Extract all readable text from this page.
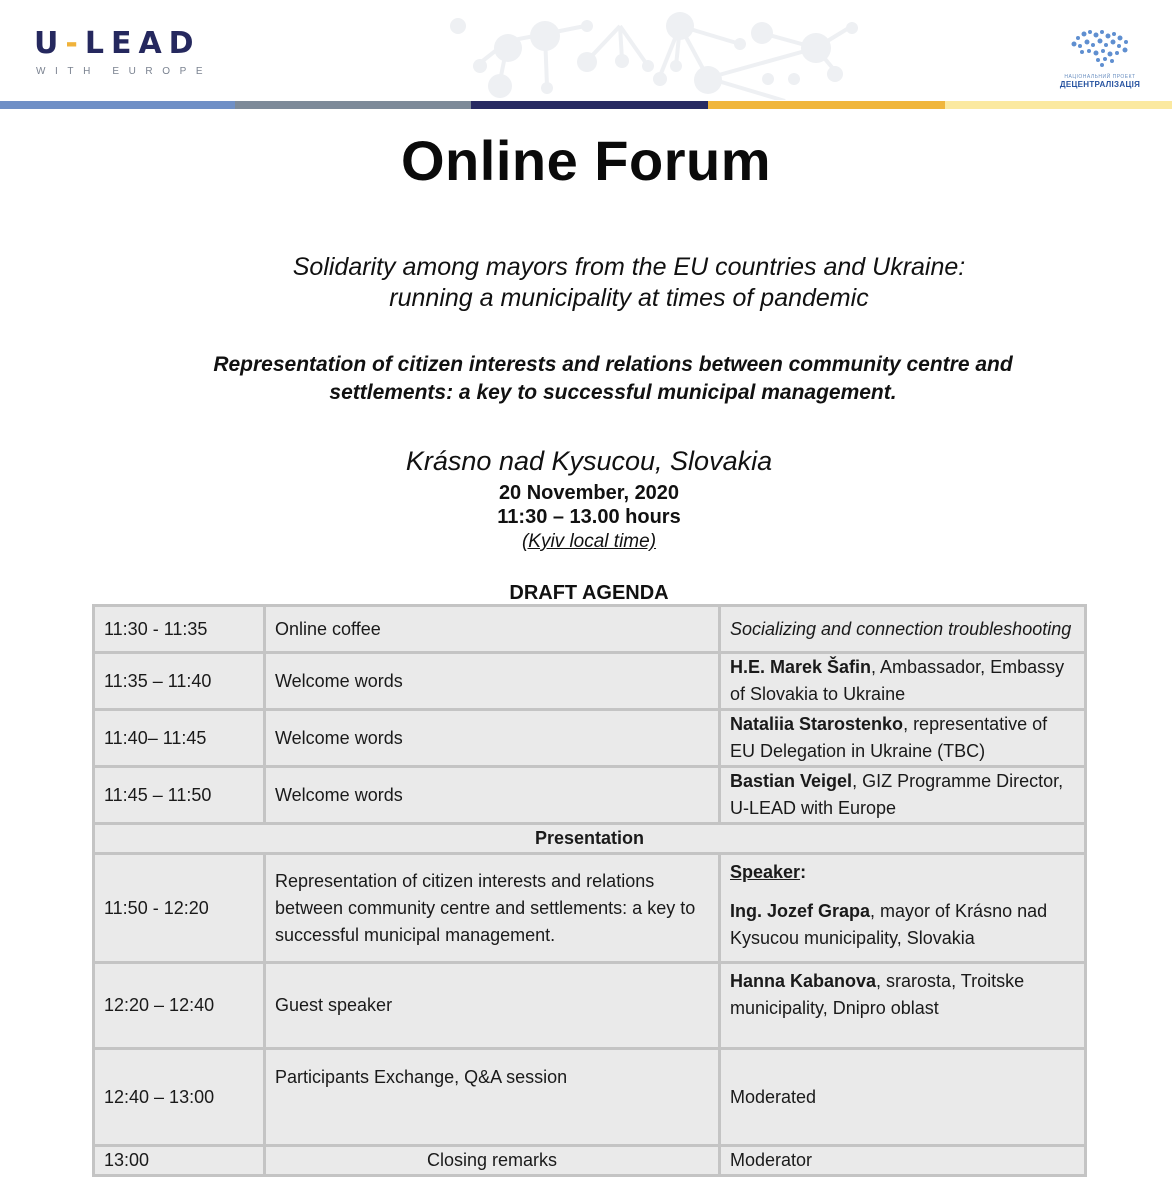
U-LEAD
WITH EUROPE	НАЦІОНАЛЬНИЙ ПРОЕКТ
ДЕЦЕНТРАЛІЗАЦІЯ
Online Forum
Solidarity among mayors from the EU countries and Ukraine:
running a municipality at times of pandemic
Representation of citizen interests and relations between community centre and
settlements: a key to successful municipal management.
Krásno nad Kysucou, Slovakia
20 November, 2020
11:30 – 13.00 hours
(Kyiv local time)
DRAFT AGENDA
11:30 - 11:35	Online coffee	Socializing and connection troubleshooting
11:35 – 11:40	Welcome words	H.E. Marek Šafin, Ambassador, Embassy of Slovakia to Ukraine
11:40– 11:45	Welcome words	Nataliia Starostenko, representative of EU Delegation in Ukraine (TBC)
11:45 – 11:50	Welcome words	Bastian Veigel, GIZ Programme Director, U-LEAD with Europe
Presentation		
11:50 - 12:20	Representation of citizen interests and relations between community centre and settlements: a key to successful municipal management.	Speaker:
Ing. Jozef Grapa, mayor of Krásno nad Kysucou municipality, Slovakia

12:20 – 12:40	Guest speaker	Hanna Kabanova, srarosta, Troitske municipality, Dnipro oblast
12:40 – 13:00	Participants Exchange, Q&A session	Moderated
13:00	Closing remarks	Moderator
